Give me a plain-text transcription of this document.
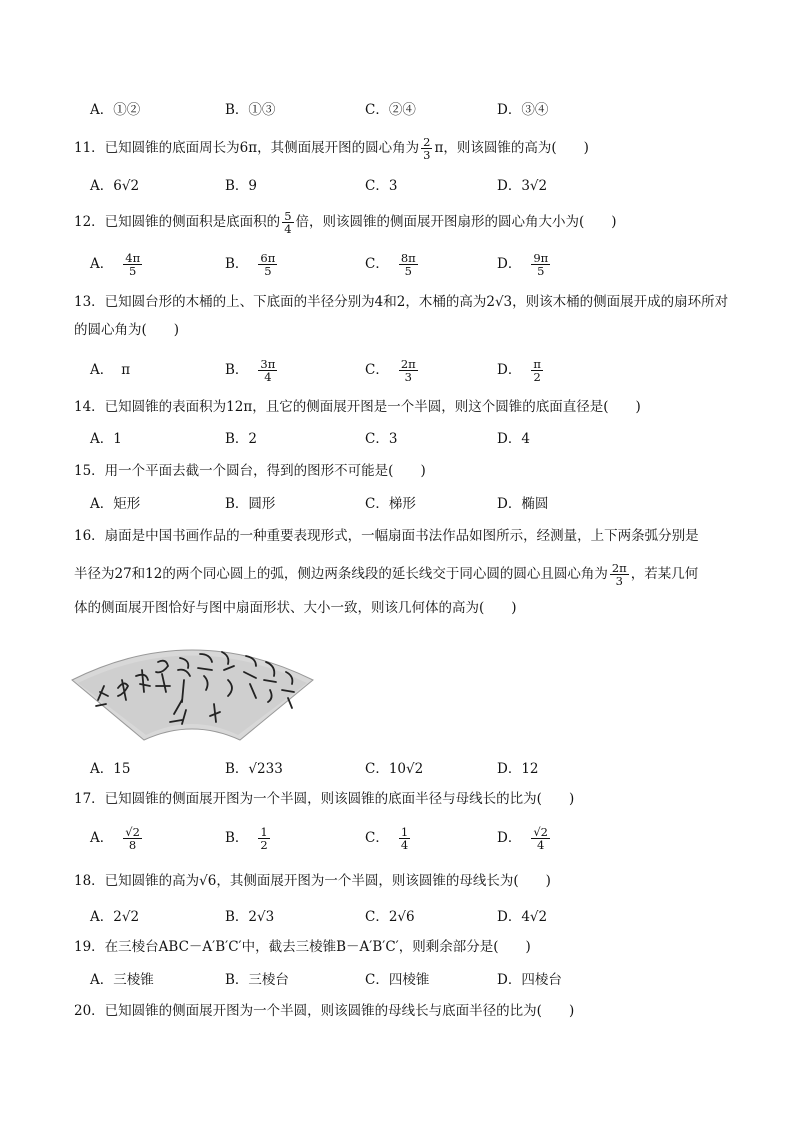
A．①②	B．①③	C．②④	D．③④
11．已知圆锥的底面周长为6π，其侧面展开图的圆心角为 $\frac{2}{3}$ π，则该圆锥的高为(　　)
A．6√2	B．9	C．3	D．3√2
12．已知圆锥的侧面积是底面积的 $\frac{5}{4}$ 倍，则该圆锥的侧面展开图扇形的圆心角大小为(　　)
A． $\frac{4\pi}{5}$	B． $\frac{6\pi}{5}$	C． $\frac{8\pi}{5}$	D． $\frac{9\pi}{5}$
13．已知圆台形的木桶的上、下底面的半径分别为4和2，木桶的高为2√3，则该木桶的侧面展开成的扇环所对的圆心角为(　　)
A． π	B． $\frac{3\pi}{4}$	C． $\frac{2\pi}{3}$	D． $\frac{\pi}{2}$
14．已知圆锥的表面积为12π，且它的侧面展开图是一个半圆，则这个圆锥的底面直径是(　　)
A．1	B．2	C．3	D．4
15．用一个平面去截一个圆台，得到的图形不可能是(　　)
A．矩形	B．圆形	C．梯形	D．椭圆
16．扇面是中国书画作品的一种重要表现形式，一幅扇面书法作品如图所示，经测量，上下两条弧分别是
半径为27和12的两个同心圆上的弧，侧边两条线段的延长线交于同心圆的圆心且圆心角为 $\frac{2\pi}{3}$ ，若某几何
体的侧面展开图恰好与图中扇面形状、大小一致，则该几何体的高为(　　)
A．15	B．√233	C．10√2	D．12
17．已知圆锥的侧面展开图为一个半圆，则该圆锥的底面半径与母线长的比为(　　)
A． $\frac{√2}{8}$	B． $\frac{1}{2}$	C． $\frac{1}{4}$	D． $\frac{√2}{4}$
18．已知圆锥的高为√6，其侧面展开图为一个半圆，则该圆锥的母线长为(　　)
A．2√2	B．2√3	C．2√6	D．4√2
19．在三棱台ABC－A′B′C′中，截去三棱锥B－A′B′C′，则剩余部分是(　　)
A．三棱锥	B．三棱台	C．四棱锥	D．四棱台
20．已知圆锥的侧面展开图为一个半圆，则该圆锥的母线长与底面半径的比为(　　)
